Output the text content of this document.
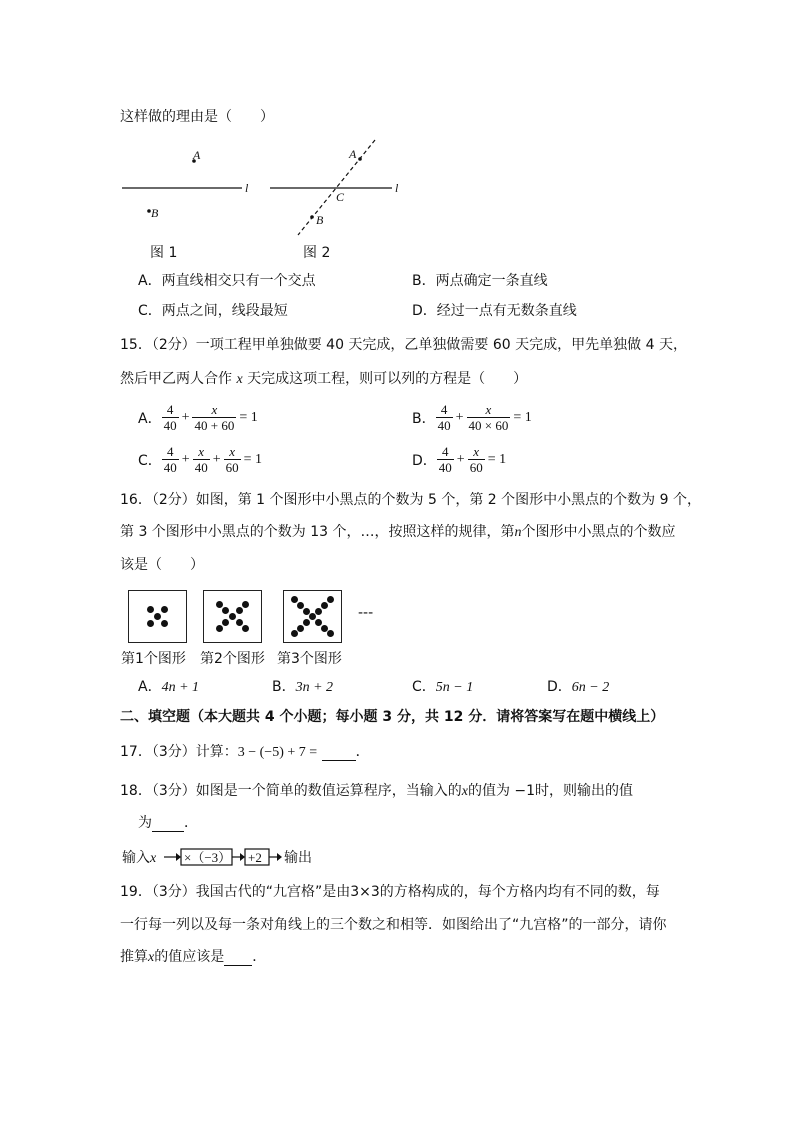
这样做的理由是（　　）
A
B
l
A
B
C
l
图 1	图 2
A．两直线相交只有一个交点	B．两点确定一条直线
C．两点之间，线段最短	D．经过一点有无数条直线
15．（2分）一项工程甲单独做要 40 天完成，乙单独做需要 60 天完成，甲先单独做 4 天，
然后甲乙两人合作 x 天完成这项工程，则可以列的方程是（　　）
A． $\frac{4}{40} + \frac{x}{40 + 60} = 1$	B． $\frac{4}{40} + \frac{x}{40 \times 60} = 1$
C． $\frac{4}{40} + \frac{x}{40} + \frac{x}{60} = 1$	D． $\frac{4}{40} + \frac{x}{60} = 1$
16．（2分）如图，第 1 个图形中小黑点的个数为 5 个，第 2 个图形中小黑点的个数为 9 个，
第 3 个图形中小黑点的个数为 13 个，…，按照这样的规律，第n个图形中小黑点的个数应
该是（　　）
---
第1个图形 第2个图形 第3个图形
A．4n + 1	B．3n + 2	C．5n − 1	D．6n − 2
二、填空题（本大题共 4 个小题；每小题 3 分，共 12 分．请将答案写在题中横线上）
17．（3分）计算：3 − (−5) + 7 =	．
18．（3分）如图是一个简单的数值运算程序，当输入的x的值为 −1时，则输出的值
为 ．
输入x ×（−3） +2 输出
19．（3分）我国古代的“九宫格”是由3×3的方格构成的，每个方格内均有不同的数，每
一行每一列以及每一条对角线上的三个数之和相等．如图给出了“九宫格”的一部分，请你
推算x的值应该是 ．
